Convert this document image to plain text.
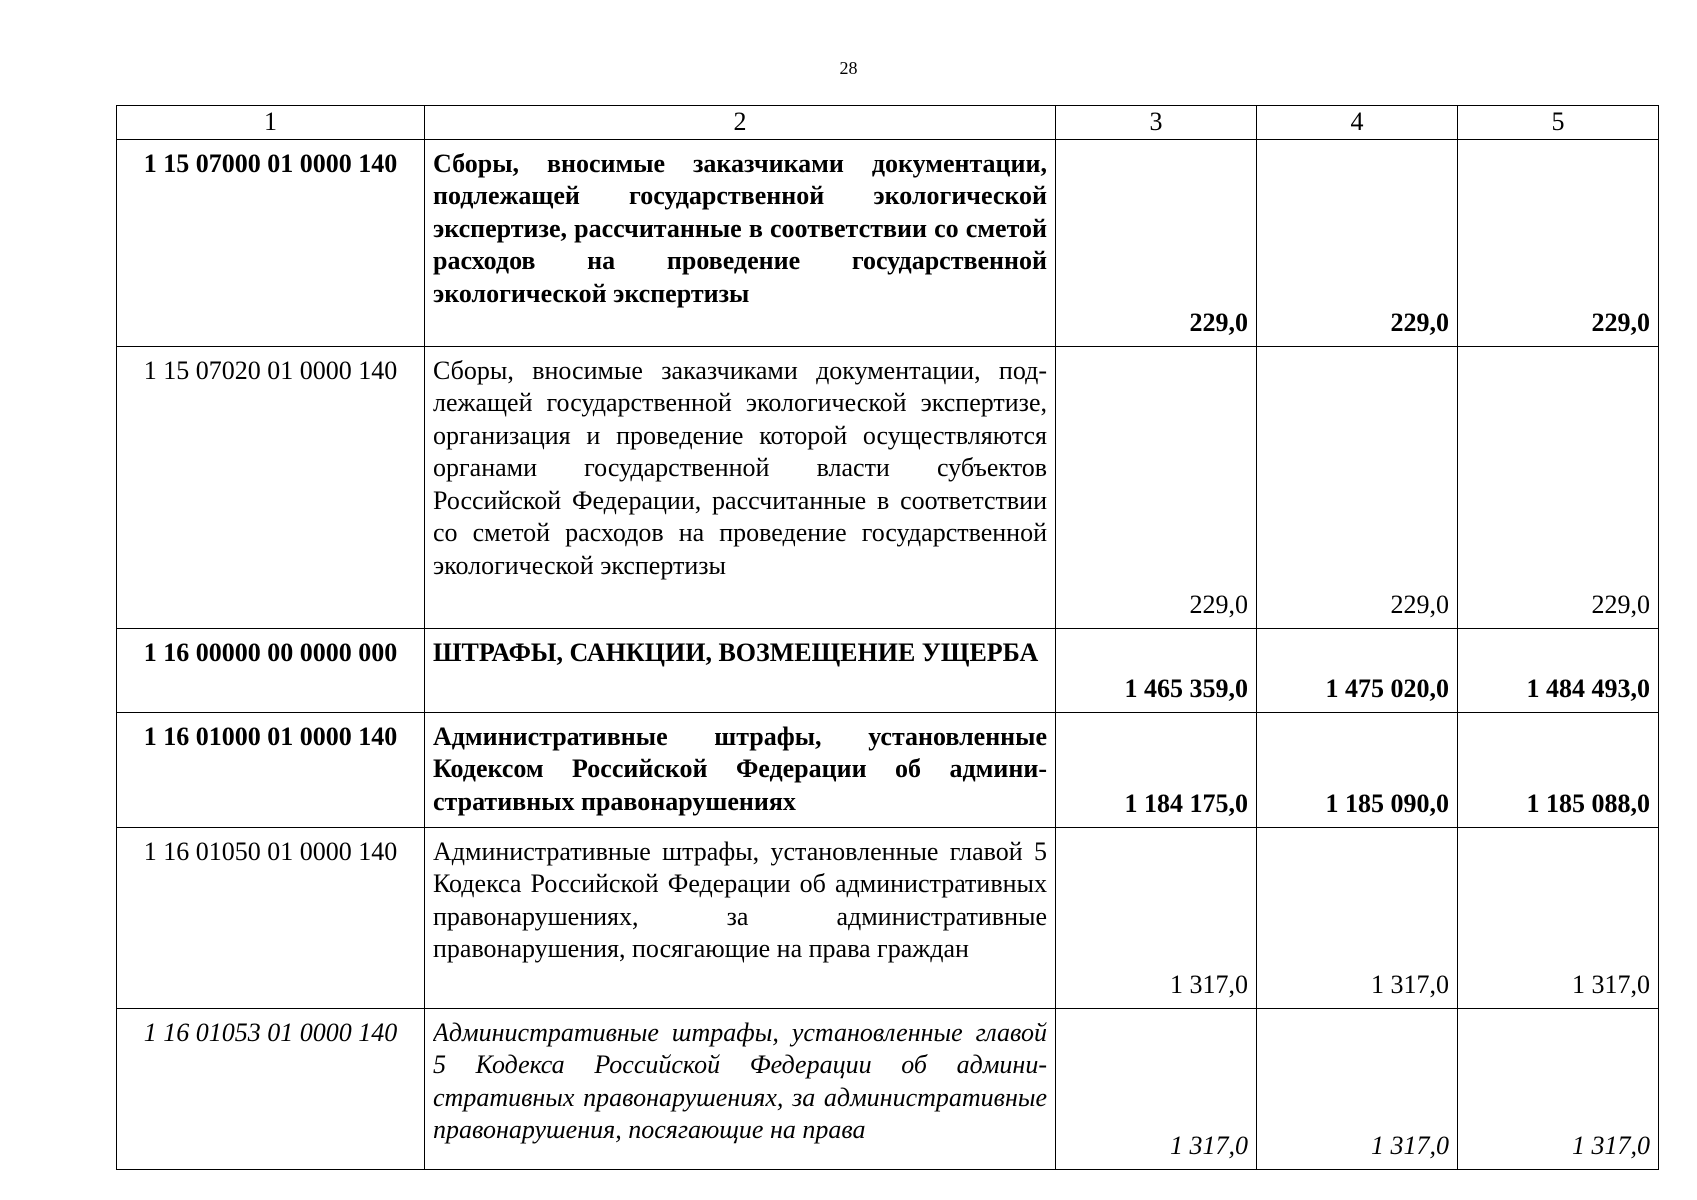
28
1	2	3	4	5
1 15 07000 01 0000 140	Сборы, вносимые заказчиками документации, подлежащей государственной экологической экспертизе, рассчитанные в соответствии со сметой расходов на проведение государственной экологической экспертизы	229,0	229,0	229,0
1 15 07020 01 0000 140	Сборы, вносимые заказчиками документации, подлежащей государственной экологической экспертизе, организация и проведение которой осуществляются органами государственной власти субъектов Российской Федерации, рассчитанные в соответствии со сметой расходов на проведение государственной экологической экспертизы	229,0	229,0	229,0
1 16 00000 00 0000 000	ШТРАФЫ, САНКЦИИ, ВОЗМЕЩЕНИЕ УЩЕРБА	1 465 359,0	1 475 020,0	1 484 493,0
1 16 01000 01 0000 140	Административные штрафы, установленные Кодексом Российской Федерации об административных правонарушениях	1 184 175,0	1 185 090,0	1 185 088,0
1 16 01050 01 0000 140	Административные штрафы, установленные главой 5 Кодекса Российской Федерации об административных правонарушениях, за административные правонарушения, посягающие на права граждан	1 317,0	1 317,0	1 317,0
1 16 01053 01 0000 140	Административные штрафы, установленные главой 5 Кодекса Российской Федерации об административных правонарушениях, за административные правонарушения, посягающие на права	1 317,0	1 317,0	1 317,0
